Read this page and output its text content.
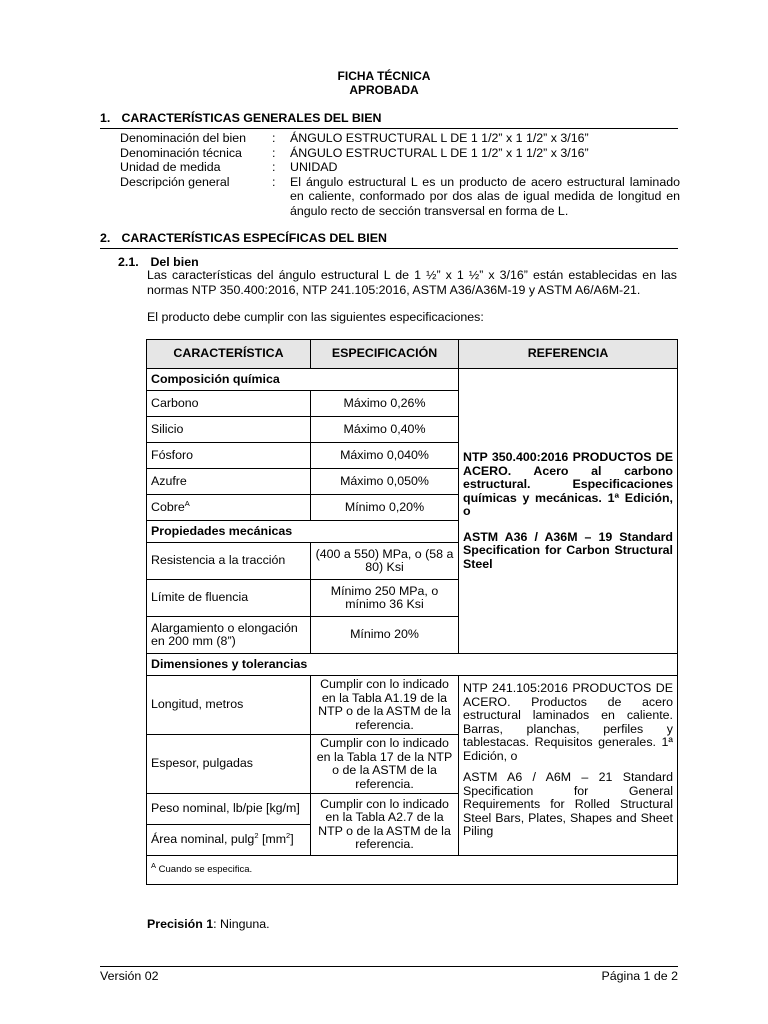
FICHA TÉCNICA
APROBADA
1. CARACTERÍSTICAS GENERALES DEL BIEN
Denominación del bien	:	ÁNGULO ESTRUCTURAL L DE 1 1/2” x 1 1/2” x 3/16”
Denominación técnica	:	ÁNGULO ESTRUCTURAL L DE 1 1/2” x 1 1/2” x 3/16”
Unidad de medida	:	UNIDAD
Descripción general	:	El ángulo estructural L es un producto de acero estructural laminado en caliente, conformado por dos alas de igual medida de longitud en ángulo recto de sección transversal en forma de L.
2. CARACTERÍSTICAS ESPECÍFICAS DEL BIEN
2.1. Del bien
Las características del ángulo estructural L de 1 ½” x 1 ½” x 3/16” están establecidas en las normas NTP 350.400:2016, NTP 241.105:2016, ASTM A36/A36M-19 y ASTM A6/A6M-21.
El producto debe cumplir con las siguientes especificaciones:
CARACTERÍSTICA	ESPECIFICACIÓN	REFERENCIA
Composición química		NTP 350.400:2016 PRODUCTOS DE ACERO. Acero al carbono estructural. Especificaciones químicas y mecánicas. 1ª Edición, o

ASTM A36 / A36M – 19 Standard Specification for Carbon Structural Steel

Carbono	Máximo 0,26%	
Silicio	Máximo 0,40%	
Fósforo	Máximo 0,040%	
Azufre	Máximo 0,050%	
Cobre$^A$	Mínimo 0,20%	
Propiedades mecánicas		
Resistencia a la tracción	(400 a 550) MPa, o (58 a 80) Ksi	
Límite de fluencia	Mínimo 250 MPa, o mínimo 36 Ksi	
Alargamiento o elongación en 200 mm (8”)	Mínimo 20%	
Dimensiones y tolerancias		
Longitud, metros	Cumplir con lo indicado en la Tabla A1.19 de la NTP o de la ASTM de la referencia.	NTP 241.105:2016 PRODUCTOS DE ACERO. Productos de acero estructural laminados en caliente. Barras, planchas, perfiles y tablestacas. Requisitos generales. 1ª Edición, o

ASTM A6 / A6M – 21 Standard Specification for General Requirements for Rolled Structural Steel Bars, Plates, Shapes and Sheet Piling

Espesor, pulgadas	Cumplir con lo indicado en la Tabla 17 de la NTP o de la ASTM de la referencia.	
Peso nominal, lb/pie [kg/m]	Cumplir con lo indicado en la Tabla A2.7 de la NTP o de la ASTM de la referencia.	
Área nominal, pulg$^2$ $[mm^2]$		
$^A$ Cuando se especifica.		
Precisión 1: Ninguna.
Versión 02	Página 1 de 2
